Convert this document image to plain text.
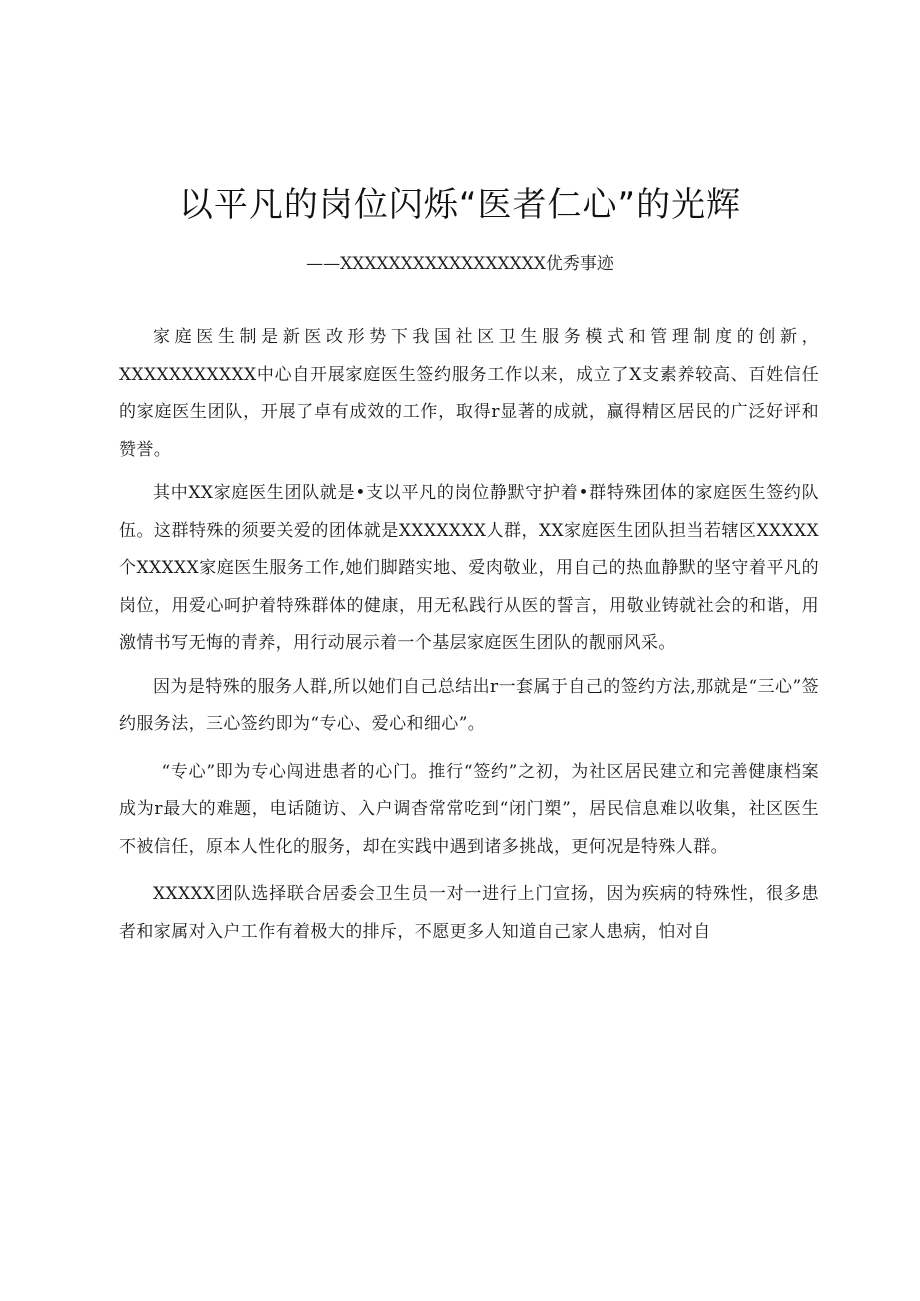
以平凡的岗位闪烁“医者仁心”的光辉

——XXXXXXXXXXXXXXXXX优秀事迹

家庭医生制是新医改形势下我国社区卫生服务模式和管理制度的创新，XXXXXXXXXXX中心自开展家庭医生签约服务工作以来，成立了X支素养较高、百姓信任的家庭医生团队，开展了卓有成效的工作，取得r显著的成就，赢得精区居民的广泛好评和赞誉。

其中XX家庭医生团队就是•支以平凡的岗位静默守护着•群特殊团体的家庭医生签约队伍。这群特殊的须要关爱的团体就是XXXXXXX人群，XX家庭医生团队担当若辖区XXXXX个XXXXX家庭医生服务工作,她们脚踏实地、爱肉敬业，用自己的热血静默的坚守着平凡的岗位，用爱心呵护着特殊群体的健康，用无私践行从医的誓言，用敬业铸就社会的和谐，用激情书写无悔的青养，用行动展示着一个基层家庭医生团队的靓丽风采。

因为是特殊的服务人群,所以她们自己总结出r一套属于自己的签约方法,那就是“三心”签约服务法，三心签约即为“专心、爱心和细心”。

“专心”即为专心闯进患者的心门。推行“签约”之初，为社区居民建立和完善健康档案成为r最大的难题，电话随访、入户调杳常常吃到“闭门槊”，居民信息难以收集，社区医生不被信任，原本人性化的服务，却在实践中遇到诸多挑战，更何况是特殊人群。

XXXXX团队选择联合居委会卫生员一对一进行上门宣扬，因为疾病的特殊性，很多患者和家属对入户工作有着极大的排斥，不愿更多人知道自己家人患病，怕对自
